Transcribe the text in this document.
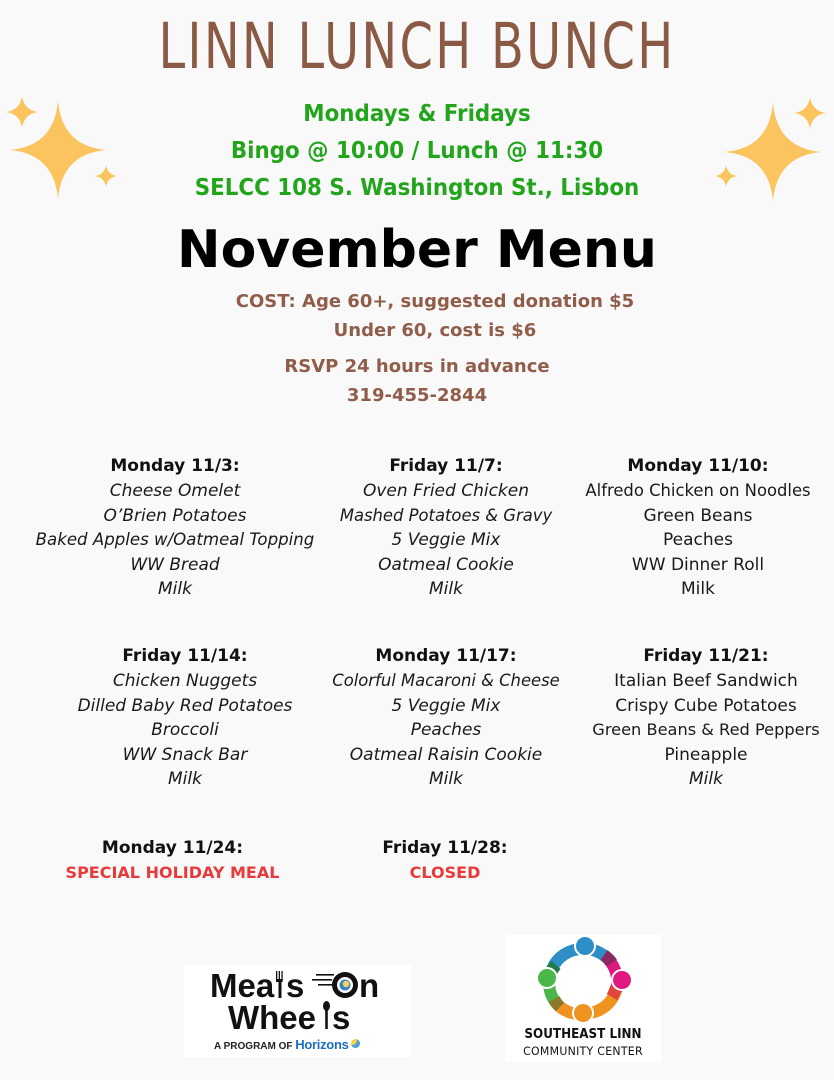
LINN LUNCH BUNCH
Mondays & Fridays
Bingo @ 10:00 / Lunch @ 11:30
SELCC 108 S. Washington St., Lisbon
November Menu
COST: Age 60+, suggested donation $5
Under 60, cost is $6
RSVP 24 hours in advance
319-455-2844
Monday 11/3:
Cheese Omelet
O’Brien Potatoes
Baked Apples w/Oatmeal Topping
WW Bread
Milk
Friday 11/7:
Oven Fried Chicken
Mashed Potatoes & Gravy
5 Veggie Mix
Oatmeal Cookie
Milk
Monday 11/10:
Alfredo Chicken on Noodles
Green Beans
Peaches
WW Dinner Roll
Milk
Friday 11/14:
Chicken Nuggets
Dilled Baby Red Potatoes
Broccoli
WW Snack Bar
Milk
Monday 11/17:
Colorful Macaroni & Cheese
5 Veggie Mix
Peaches
Oatmeal Raisin Cookie
Milk
Friday 11/21:
Italian Beef Sandwich
Crispy Cube Potatoes
Green Beans & Red Peppers
Pineapple
Milk
Monday 11/24:
SPECIAL HOLIDAY MEAL
Friday 11/28:
CLOSED
Mea s n
Whee s
A PROGRAM OF Horizons
SOUTHEAST LINN
COMMUNITY CENTER
